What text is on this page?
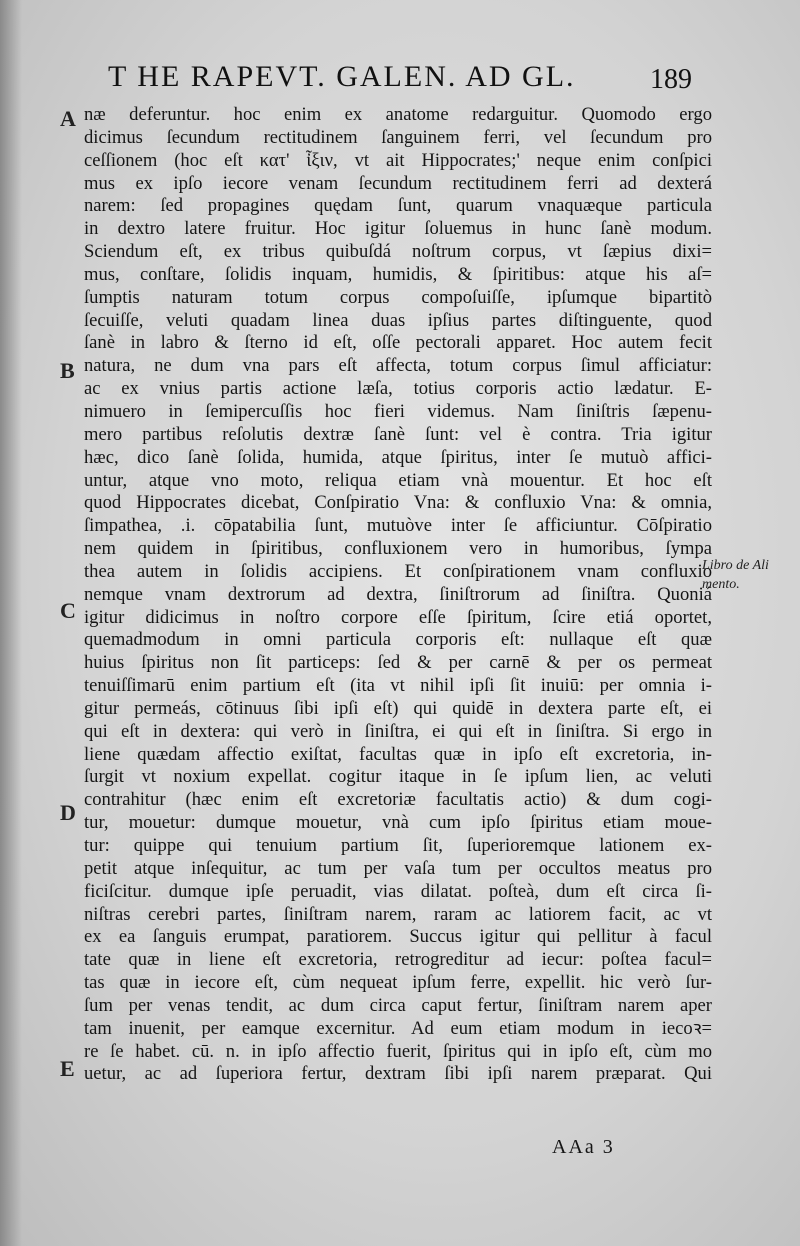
T HE RAPEVT. GALEN. AD GL.	189
A
B
C
D
E
næ deferuntur. hoc enim ex anatome redarguitur. Quomodo ergo
dicimus ſecundum rectitudinem ſanguinem ferri, vel ſecundum pro
ceſſionem (hoc eſt κατ' ἶξιν, vt ait Hippocrates;' neque enim conſpici
mus ex ipſo iecore venam ſecundum rectitudinem ferri ad dexterá
narem: ſed propagines quędam ſunt, quarum vnaquæque particula
in dextro latere fruitur. Hoc igitur ſoluemus in hunc ſanè modum.
Sciendum eſt, ex tribus quibuſdá noſtrum corpus, vt ſæpius dixi=
mus, conſtare, ſolidis inquam, humidis, & ſpiritibus: atque his aſ=
ſumptis naturam totum corpus compoſuiſſe, ipſumque bipartitò
ſecuiſſe, veluti quadam linea duas ipſius partes diſtinguente, quod
ſanè in labro & ſterno id eſt, oſſe pectorali apparet. Hoc autem fecit
natura, ne dum vna pars eſt affecta, totum corpus ſimul afficiatur:
ac ex vnius partis actione læſa, totius corporis actio lædatur. E-
nimuero in ſemipercuſſis hoc fieri videmus. Nam ſiniſtris ſæpenu-
mero partibus reſolutis dextræ ſanè ſunt: vel è contra. Tria igitur
hæc, dico ſanè ſolida, humida, atque ſpiritus, inter ſe mutuò affici-
untur, atque vno moto, reliqua etiam vnà mouentur. Et hoc eſt
quod Hippocrates dicebat, Conſpiratio Vna: & confluxio Vna: & omnia,
ſimpathea, .i. cōpatabilia ſunt, mutuòve inter ſe afficiuntur. Cōſpiratio
nem quidem in ſpiritibus, confluxionem vero in humoribus, ſympa
thea autem in ſolidis accipiens. Et conſpirationem vnam confluxio
nemque vnam dextrorum ad dextra, ſiniſtrorum ad ſiniſtra. Quoniá
igitur didicimus in noſtro corpore eſſe ſpiritum, ſcire etiá oportet,
quemadmodum in omni particula corporis eſt: nullaque eſt quæ
huius ſpiritus non ſit particeps: ſed & per carnē & per os permeat
tenuiſſimarū enim partium eſt (ita vt nihil ipſi ſit inuiū: per omnia i-
gitur permeás, cōtinuus ſibi ipſi eſt) qui quidē in dextera parte eſt, ei
qui eſt in dextera: qui verò in ſiniſtra, ei qui eſt in ſiniſtra. Si ergo in
liene quædam affectio exiſtat, facultas quæ in ipſo eſt excretoria, in-
ſurgit vt noxium expellat. cogitur itaque in ſe ipſum lien, ac veluti
contrahitur (hæc enim eſt excretoriæ facultatis actio) & dum cogi-
tur, mouetur: dumque mouetur, vnà cum ipſo ſpiritus etiam moue-
tur: quippe qui tenuium partium ſit, ſuperioremque lationem ex-
petit atque inſequitur, ac tum per vaſa tum per occultos meatus pro
ficiſcitur. dumque ipſe peruadit, vias dilatat. poſteà, dum eſt circa ſi-
niſtras cerebri partes, ſiniſtram narem, raram ac latiorem facit, ac vt
ex ea ſanguis erumpat, paratiorem. Succus igitur qui pellitur à facul
tate quæ in liene eſt excretoria, retrogreditur ad iecur: poſtea facul=
tas quæ in iecore eſt, cùm nequeat ipſum ferre, expellit. hic verò ſur-
ſum per venas tendit, ac dum circa caput fertur, ſiniſtram narem aper
tam inuenit, per eamque excernitur. Ad eum etiam modum in iecoꝛ=
re ſe habet. cū. n. in ipſo affectio fuerit, ſpiritus qui in ipſo eſt, cùm mo
uetur, ac ad ſuperiora fertur, dextram ſibi ipſi narem præparat. Qui
Libro de Ali
mento.
AAa 3
